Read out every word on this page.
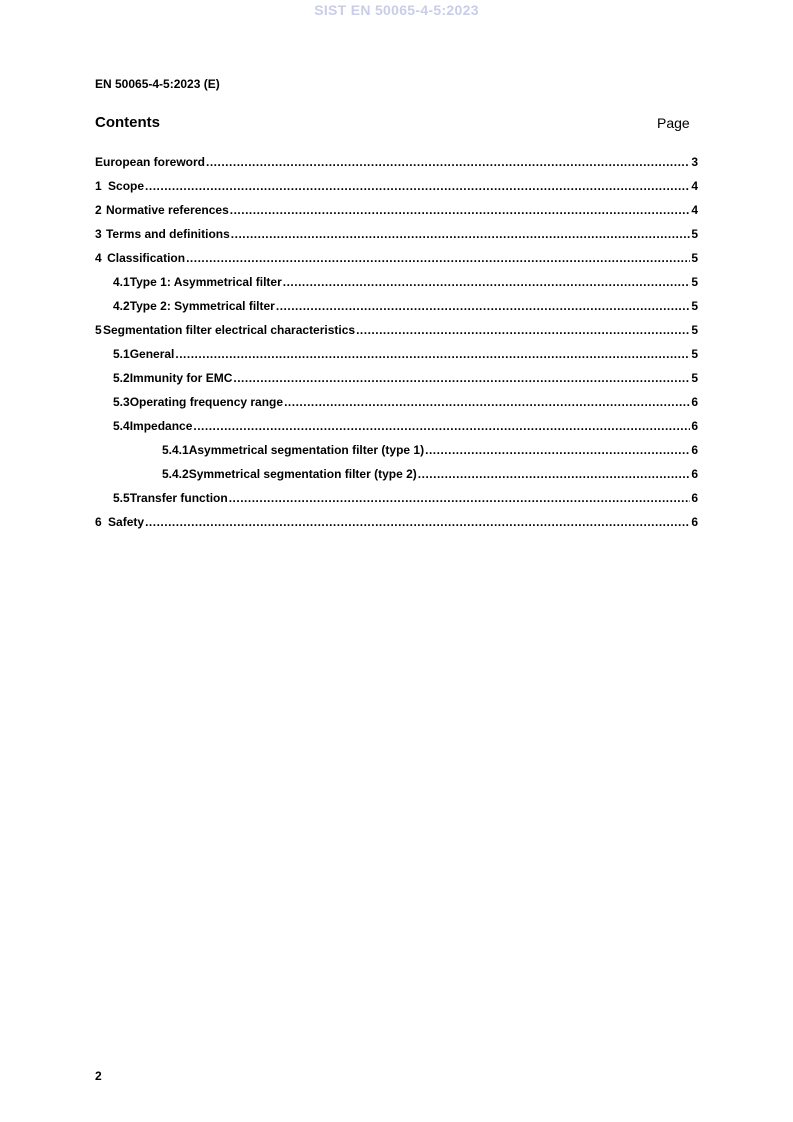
SIST EN 50065-4-5:2023
EN 50065-4-5:2023 (E)
Contents	Page
European foreword .....	3
1 Scope .....	4
2 Normative references .....	4
3 Terms and definitions .....	5
4 Classification .....	5
4.1 Type 1: Asymmetrical filter .....	5
4.2 Type 2: Symmetrical filter .....	5
5 Segmentation filter electrical characteristics .....	5
5.1 General .....	5
5.2 Immunity for EMC .....	5
5.3 Operating frequency range .....	6
5.4 Impedance .....	6
5.4.1 Asymmetrical segmentation filter (type 1) .....	6
5.4.2 Symmetrical segmentation filter (type 2) .....	6
5.5 Transfer function .....	6
6 Safety .....	6
2
